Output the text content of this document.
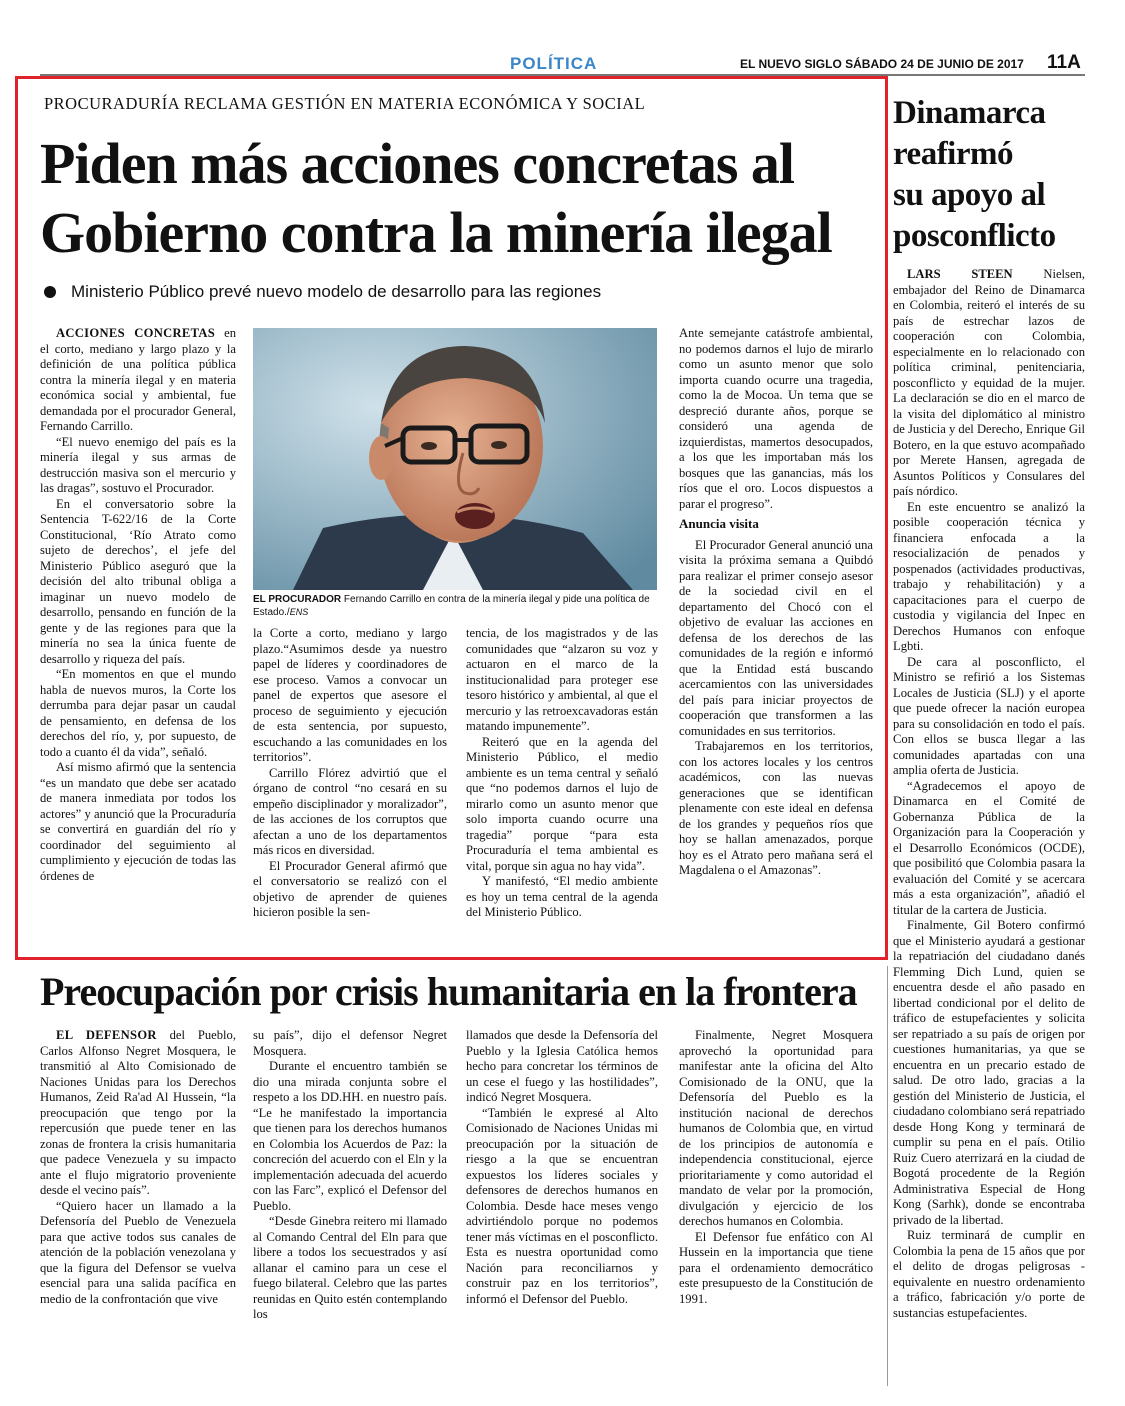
POLÍTICA	EL NUEVO SIGLO SÁBADO 24 DE JUNIO DE 2017 11A
PROCURADURÍA RECLAMA GESTIÓN EN MATERIA ECONÓMICA Y SOCIAL
Piden más acciones concretas al
Gobierno contra la minería ilegal
Ministerio Público prevé nuevo modelo de desarrollo para las regiones

ACCIONES CONCRETAS en el corto, mediano y largo plazo y la definición de una política pública contra la minería ilegal y en materia económica social y ambiental, fue demandada por el procurador General, Fernando Carrillo.

“El nuevo enemigo del país es la minería ilegal y sus armas de destrucción masiva son el mercurio y las dragas”, sostuvo el Procurador.

En el conversatorio sobre la Sentencia T-622/16 de la Corte Constitucional, ‘Río Atrato como sujeto de derechos’, el jefe del Ministerio Público aseguró que la decisión del alto tribunal obliga a imaginar un nuevo modelo de desarrollo, pensando en función de la gente y de las regiones para que la minería no sea la única fuente de desarrollo y riqueza del país.

“En momentos en que el mundo habla de nuevos muros, la Corte los derrumba para dejar pasar un caudal de pensamiento, en defensa de los derechos del río, y, por supuesto, de todo a cuanto él da vida”, señaló.

Así mismo afirmó que la sentencia “es un mandato que debe ser acatado de manera inmediata por todos los actores” y anunció que la Procuraduría se convertirá en guardián del río y coordinador del seguimiento al cumplimiento y ejecución de todas las órdenes de

EL PROCURADOR Fernando Carrillo en contra de la minería ilegal y pide una política de Estado./ENS

la Corte a corto, mediano y largo plazo.“Asumimos desde ya nuestro papel de líderes y coordinadores de ese proceso. Vamos a convocar un panel de expertos que asesore el proceso de seguimiento y ejecución de esta sentencia, por supuesto, escuchando a las comunidades en los territorios”.

Carrillo Flórez advirtió que el órgano de control “no cesará en su empeño disciplinador y moralizador”, de las acciones de los corruptos que afectan a uno de los departamentos más ricos en diversidad.

El Procurador General afirmó que el conversatorio se realizó con el objetivo de aprender de quienes hicieron posible la sen-

tencia, de los magistrados y de las comunidades que “alzaron su voz y actuaron en el marco de la institucionalidad para proteger ese tesoro histórico y ambiental, al que el mercurio y las retroexcavadoras están matando impunemente”.

Reiteró que en la agenda del Ministerio Público, el medio ambiente es un tema central y señaló que “no podemos darnos el lujo de mirarlo como un asunto menor que solo importa cuando ocurre una tragedia” porque “para esta Procuraduría el tema ambiental es vital, porque sin agua no hay vida”.

Y manifestó, “El medio ambiente es hoy un tema central de la agenda del Ministerio Público.

Ante semejante catástrofe ambiental, no podemos darnos el lujo de mirarlo como un asunto menor que solo importa cuando ocurre una tragedia, como la de Mocoa. Un tema que se despreció durante años, porque se consideró una agenda de izquierdistas, mamertos desocupados, a los que les importaban más los bosques que las ganancias, más los ríos que el oro. Locos dispuestos a parar el progreso”.

Anuncia visita

El Procurador General anunció una visita la próxima semana a Quibdó para realizar el primer consejo asesor de la sociedad civil en el departamento del Chocó con el objetivo de evaluar las acciones en defensa de los derechos de las comunidades de la región e informó que la Entidad está buscando acercamientos con las universidades del país para iniciar proyectos de cooperación que transformen a las comunidades en sus territorios.

Trabajaremos en los territorios, con los actores locales y los centros académicos, con las nuevas generaciones que se identifican plenamente con este ideal en defensa de los grandes y pequeños ríos que hoy se hallan amenazados, porque hoy es el Atrato pero mañana será el Magdalena o el Amazonas”.

Dinamarca
reafirmó
su apoyo al
posconflicto

LARS STEEN Nielsen, embajador del Reino de Dinamarca en Colombia, reiteró el interés de su país de estrechar lazos de cooperación con Colombia, especialmente en lo relacionado con política criminal, penitenciaria, posconflicto y equidad de la mujer. La declaración se dio en el marco de la visita del diplomático al ministro de Justicia y del Derecho, Enrique Gil Botero, en la que estuvo acompañado por Merete Hansen, agregada de Asuntos Políticos y Consulares del país nórdico.

En este encuentro se analizó la posible cooperación técnica y financiera enfocada a la resocialización de penados y pospenados (actividades productivas, trabajo y rehabilitación) y a capacitaciones para el cuerpo de custodia y vigilancia del Inpec en Derechos Humanos con enfoque Lgbti.

De cara al posconflicto, el Ministro se refirió a los Sistemas Locales de Justicia (SLJ) y el aporte que puede ofrecer la nación europea para su consolidación en todo el país. Con ellos se busca llegar a las comunidades apartadas con una amplia oferta de Justicia.

“Agradecemos el apoyo de Dinamarca en el Comité de Gobernanza Pública de la Organización para la Cooperación y el Desarrollo Económicos (OCDE), que posibilitó que Colombia pasara la evaluación del Comité y se acercara más a esta organización”, añadió el titular de la cartera de Justicia.

Finalmente, Gil Botero confirmó que el Ministerio ayudará a gestionar la repatriación del ciudadano danés Flemming Dich Lund, quien se encuentra desde el año pasado en libertad condicional por el delito de tráfico de estupefacientes y solicita ser repatriado a su país de origen por cuestiones humanitarias, ya que se encuentra en un precario estado de salud. De otro lado, gracias a la gestión del Ministerio de Justicia, el ciudadano colombiano será repatriado desde Hong Kong y terminará de cumplir su pena en el país. Otilio Ruiz Cuero aterrizará en la ciudad de Bogotá procedente de la Región Administrativa Especial de Hong Kong (Sarhk), donde se encontraba privado de la libertad.

Ruiz terminará de cumplir en Colombia la pena de 15 años que por el delito de drogas peligrosas -equivalente en nuestro ordenamiento a tráfico, fabricación y/o porte de sustancias estupefacientes.

Preocupación por crisis humanitaria en la frontera

EL DEFENSOR del Pueblo, Carlos Alfonso Negret Mosquera, le transmitió al Alto Comisionado de Naciones Unidas para los Derechos Humanos, Zeid Ra'ad Al Hussein, “la preocupación que tengo por la repercusión que puede tener en las zonas de frontera la crisis humanitaria que padece Venezuela y su impacto ante el flujo migratorio proveniente desde el vecino país”.

“Quiero hacer un llamado a la Defensoría del Pueblo de Venezuela para que active todos sus canales de atención de la población venezolana y que la figura del Defensor se vuelva esencial para una salida pacífica en medio de la confrontación que vive

su país”, dijo el defensor Negret Mosquera.

Durante el encuentro también se dio una mirada conjunta sobre el respeto a los DD.HH. en nuestro país. “Le he manifestado la importancia que tienen para los derechos humanos en Colombia los Acuerdos de Paz: la concreción del acuerdo con el Eln y la implementación adecuada del acuerdo con las Farc”, explicó el Defensor del Pueblo.

“Desde Ginebra reitero mi llamado al Comando Central del Eln para que libere a todos los secuestrados y así allanar el camino para un cese el fuego bilateral. Celebro que las partes reunidas en Quito estén contemplando los

llamados que desde la Defensoría del Pueblo y la Iglesia Católica hemos hecho para concretar los términos de un cese el fuego y las hostilidades”, indicó Negret Mosquera.

“También le expresé al Alto Comisionado de Naciones Unidas mi preocupación por la situación de riesgo a la que se encuentran expuestos los líderes sociales y defensores de derechos humanos en Colombia. Desde hace meses vengo advirtiéndolo porque no podemos tener más víctimas en el posconflicto. Esta es nuestra oportunidad como Nación para reconciliarnos y construir paz en los territorios”, informó el Defensor del Pueblo.

Finalmente, Negret Mosquera aprovechó la oportunidad para manifestar ante la oficina del Alto Comisionado de la ONU, que la Defensoría del Pueblo es la institución nacional de derechos humanos de Colombia que, en virtud de los principios de autonomía e independencia constitucional, ejerce prioritariamente y como autoridad el mandato de velar por la promoción, divulgación y ejercicio de los derechos humanos en Colombia.

El Defensor fue enfático con Al Hussein en la importancia que tiene para el ordenamiento democrático este presupuesto de la Constitución de 1991.
